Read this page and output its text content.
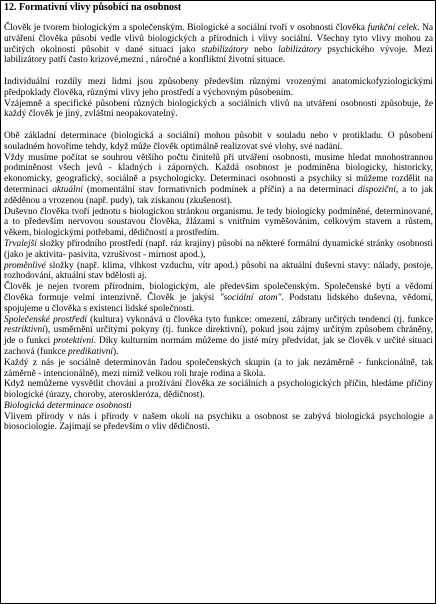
12. Formativní vlivy působící na osobnost

Člověk je tvorem biologickým a společenským. Biologické a sociální tvoří v osobnosti člověka funkční celek. Na utváření člověka působí vedle vlivů biologických a přírodních i vlivy sociální. Všechny tyto vlivy mohou za určitých okolností působit v dané situaci jako stabilizátory nebo labilizátory psychického vývoje. Mezi labilizátory patří často krizové,mezní , náročné a konfliktní životní situace.

Individuální rozdíly mezi lidmi jsou způsobeny především různými vrozenými anatomickofyziologickými předpoklady člověka, různými vlivy jeho prostředí a výchovným působením.

Vzájemně a specifické působení různých biologických a sociálních vlivů na utváření osobnosti způsobuje, že každý člověk je jiný, zvláštní neopakovatelný.

Obě základní determinace (biologická a sociální) mohou působit v souladu nebo v protikladu. O působení souladném hovoříme tehdy, když může člověk optimálně realizovat své vlohy, své nadání.

Vždy musíme počítat se souhrou většího počtu činitelů při utváření osobnosti, musíme hledat mnohostrannou podmíněnost všech jevů - kladných i záporných. Každá osobnost je podmíněna biologicky, historicky, ekonomicky, geografický, sociálně a psychologicky. Determinaci osobnosti a psychiky si můžeme rozdělit na determinaci aktuální (momentální stav formativních podmínek a příčin) a na determinaci dispoziční, a to jak zděděnou a vrozenou (např. pudy), tak získanou (zkušenost).

Duševno člověka tvoří jednotu s biologickou stránkou organismu. Je tedy biologicky podmíněné, determinované, a to především nervovou soustavou člověka, žlázami s vnitřním vyměšováním, celkovým stavem a růstem, věkem, biologickými potřebami, dědičností a prostředím.

Trvalejší složky přírodního prostředí (např. ráz krajiny) působí na některé formální dynamické stránky osobnosti (jako je aktivita- pasivita, vzrušivost - mírnost apod.),

proměnlivé složky (např. klima, vlhkost vzduchu, vítr apod.) působí na aktuální duševní stavy: nálady, postoje, rozhodování, aktuální stav bdělosti aj.

Člověk je nejen tvorem přírodním, biologickým, ale především společenským. Společenské bytí a vědomí člověka formuje velmi intenzivně. Člověk je jakýsi "sociální atom". Podstatu lidského duševna, vědomí, spojujeme u člověka s existencí lidské společnosti.

Společenské prostředí (kultura) vykonává u člověka tyto funkce: omezení, zábrany určitých tendencí (tj. funkce restriktivní), usměrnění určitými pokyny (tj. funkce direktivní), pokud jsou zájmy určitým způsobem chráněny, jde o funkci protektivní. Díky kulturním normám můžeme do jisté míry předvídat, jak se člověk v určité situaci zachová (funkce predikativní).

Každý z nás je sociálně determinován řadou společenských skupin (a to jak nezáměrně - funkcionálně, tak záměrně - intencionálně), mezi nimiž velkou roli hraje rodina a škola.

Když nemůžeme vysvětlit chování a prožívání člověka ze sociálních a psychologických příčin, hledáme příčiny biologické (úrazy, choroby, ateroskleróza, dědičnost).

Biologická determinace osobnosti

Vlivem přírody v nás i přírody v našem okolí na psychiku a osobnost se zabývá biologická psychologie a biosociologie. Zajímají se především o vliv dědičnosti.
